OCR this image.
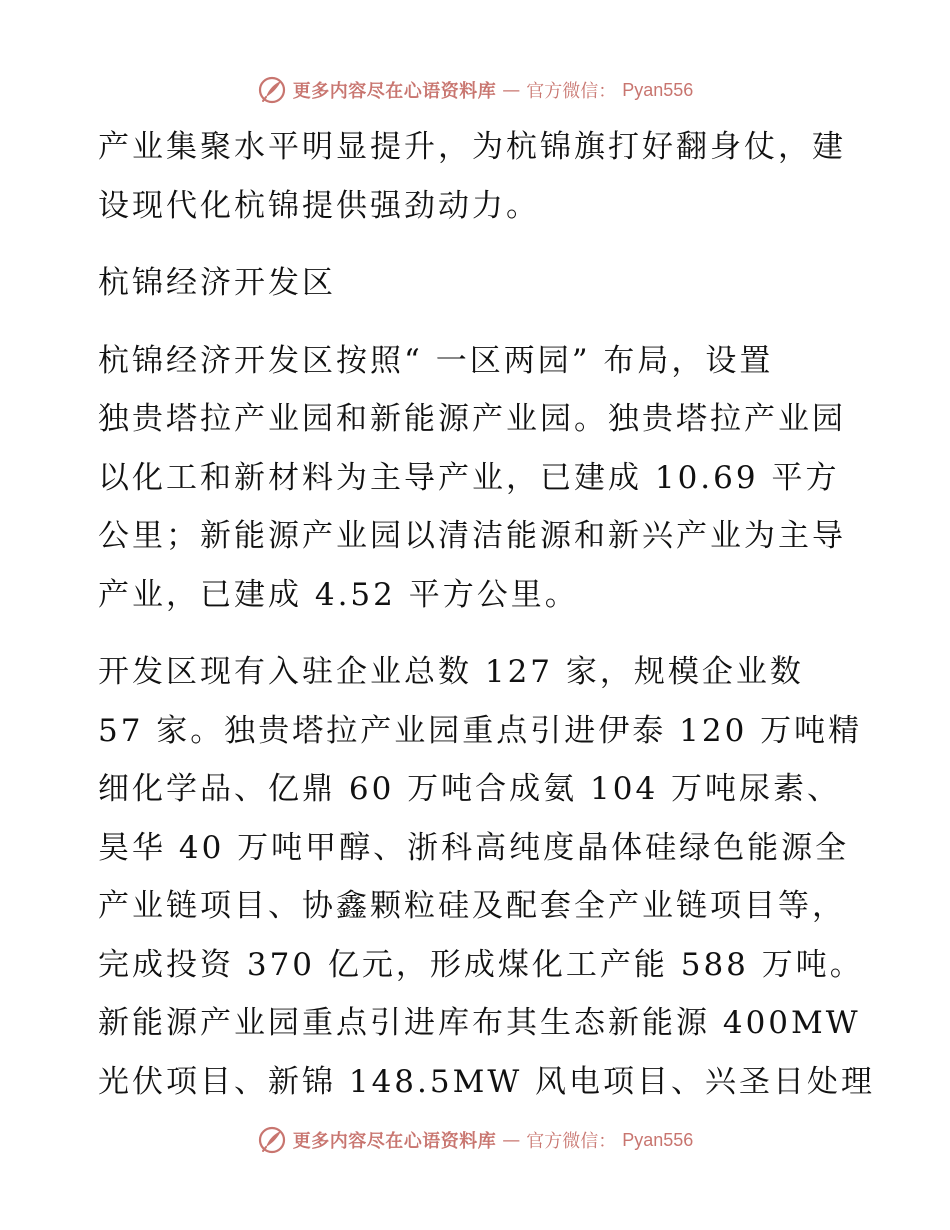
更多内容尽在心语资料库 — 官方微信： Pyan556

产业集聚水平明显提升，为杭锦旗打好翻身仗，建

设现代化杭锦提供强劲动力。

杭锦经济开发区

杭锦经济开发区按照“ 一区两园” 布局，设置

独贵塔拉产业园和新能源产业园。独贵塔拉产业园

以化工和新材料为主导产业，已建成 10.69 平方

公里；新能源产业园以清洁能源和新兴产业为主导

产业，已建成 4.52 平方公里。

开发区现有入驻企业总数 127 家，规模企业数

57 家。独贵塔拉产业园重点引进伊泰 120 万吨精

细化学品、亿鼎 60 万吨合成氨 104 万吨尿素、

昊华 40 万吨甲醇、浙科高纯度晶体硅绿色能源全

产业链项目、协鑫颗粒硅及配套全产业链项目等，

完成投资 370 亿元，形成煤化工产能 588 万吨。

新能源产业园重点引进库布其生态新能源 400MW

光伏项目、新锦 148.5MW 风电项目、兴圣日处理

更多内容尽在心语资料库 — 官方微信： Pyan556
